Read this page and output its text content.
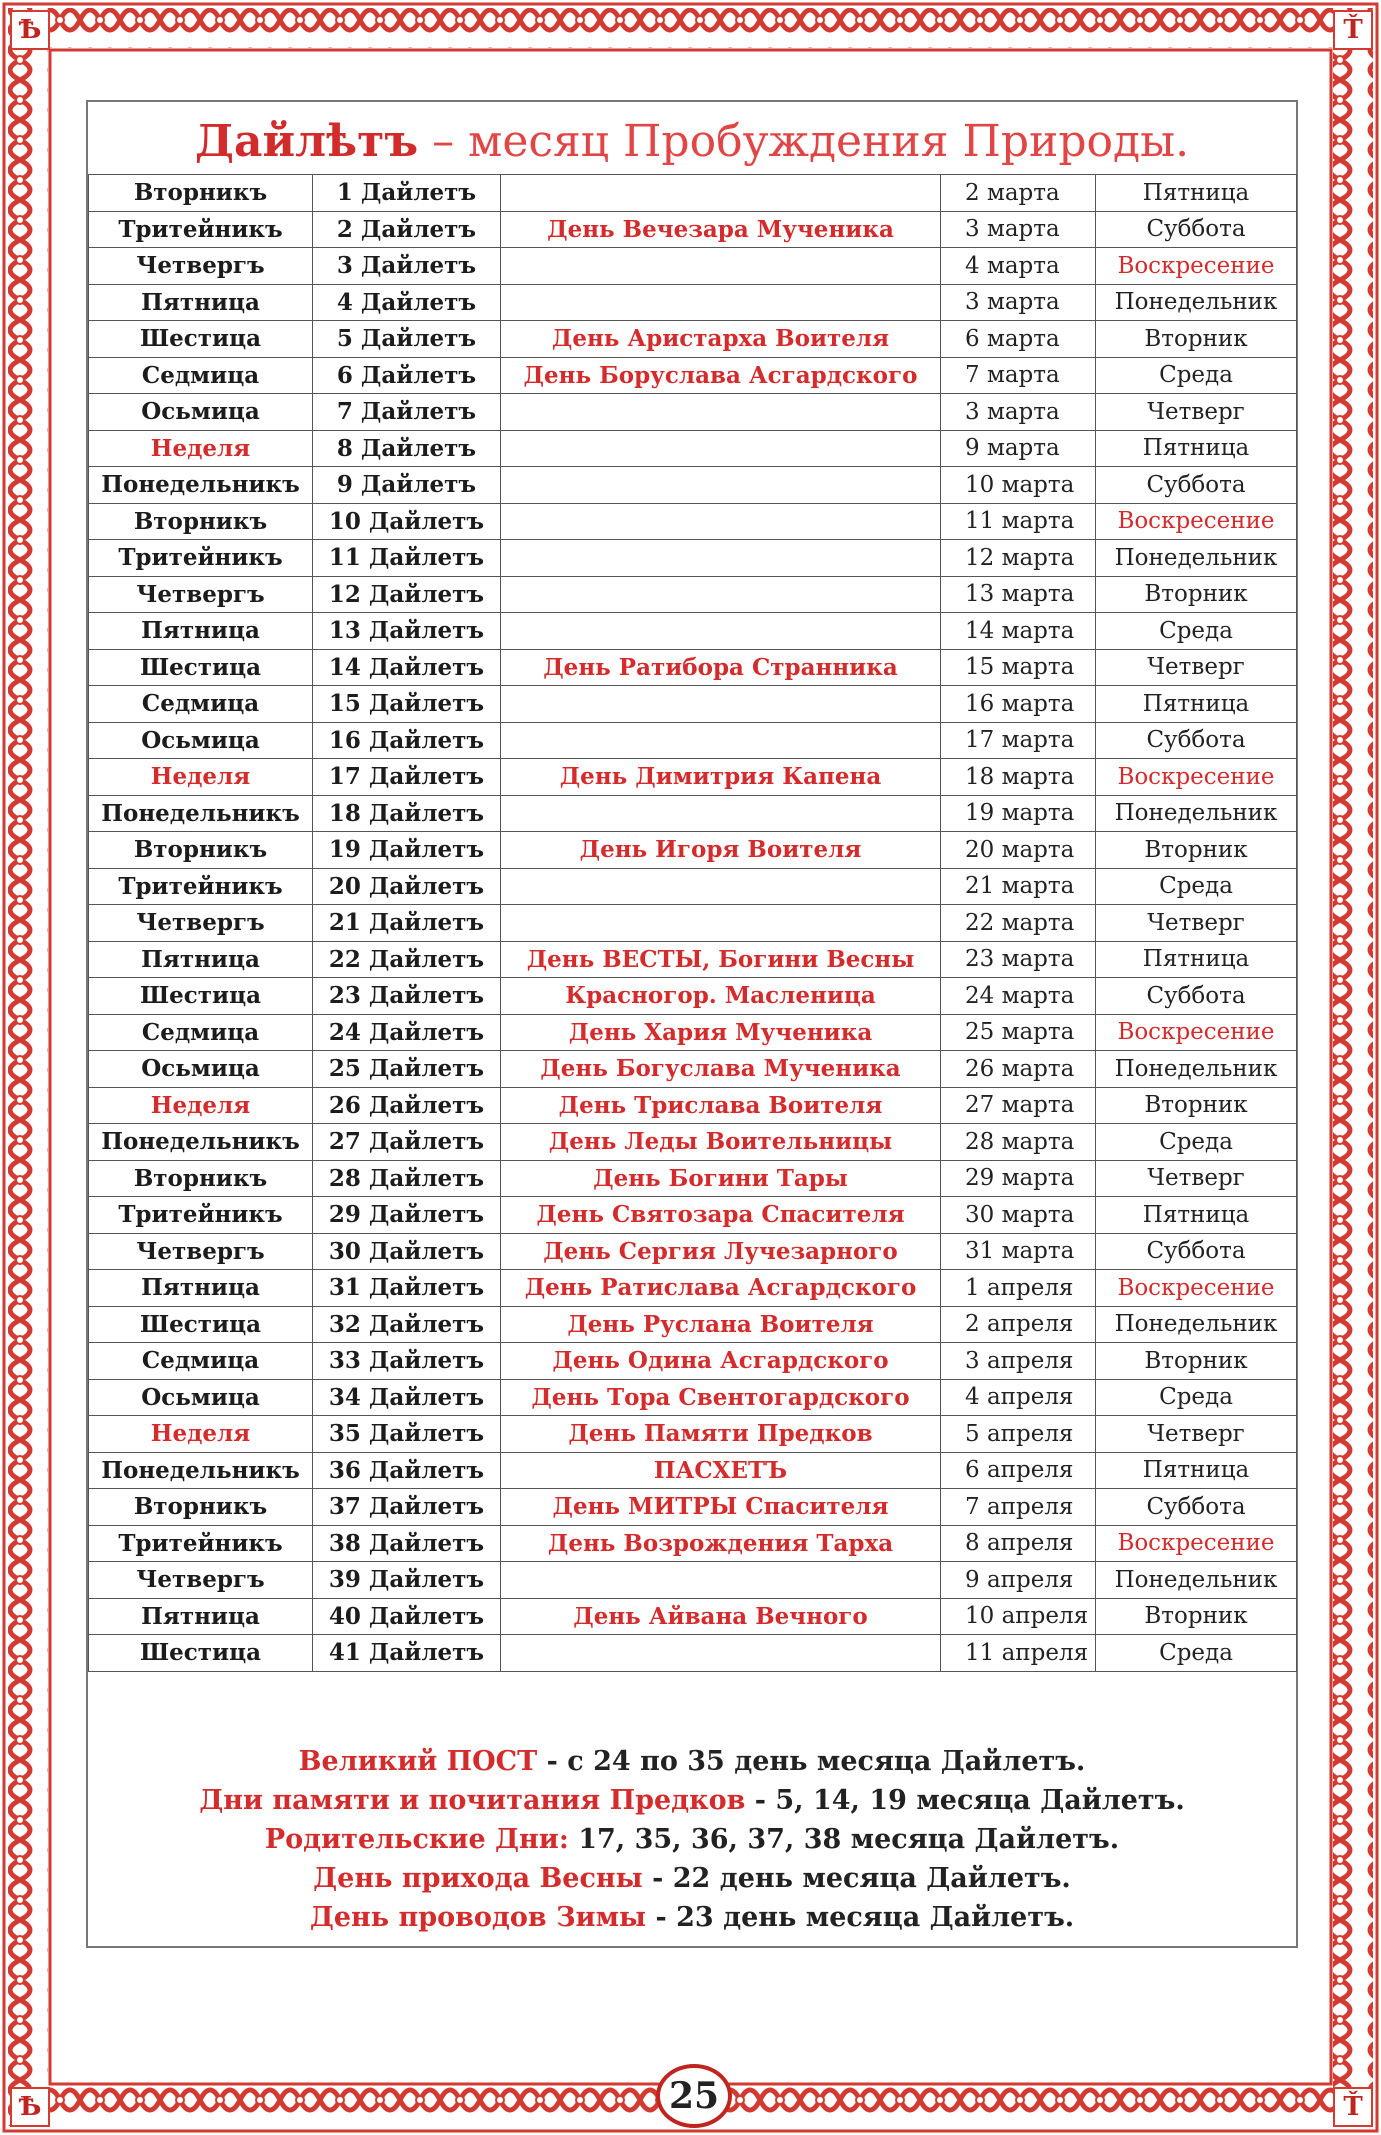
Ѣ	Ť
Ѣ	Ť
25
Дайлѣтъ – месяц Пробуждения Природы.
Вторникъ	1 Дайлетъ		2 марта	Пятница
Тритейникъ	2 Дайлетъ	День Вечезара Мученика	3 марта	Суббота
Четвергъ	3 Дайлетъ		4 марта	Воскресение
Пятница	4 Дайлетъ		3 марта	Понедельник
Шестица	5 Дайлетъ	День Аристарха Воителя	6 марта	Вторник
Седмица	6 Дайлетъ	День Боруслава Асгардского	7 марта	Среда
Осьмица	7 Дайлетъ		3 марта	Четверг
Неделя	8 Дайлетъ		9 марта	Пятница
Понедельникъ	9 Дайлетъ		10 марта	Суббота
Вторникъ	10 Дайлетъ		11 марта	Воскресение
Тритейникъ	11 Дайлетъ		12 марта	Понедельник
Четвергъ	12 Дайлетъ		13 марта	Вторник
Пятница	13 Дайлетъ		14 марта	Среда
Шестица	14 Дайлетъ	День Ратибора Странника	15 марта	Четверг
Седмица	15 Дайлетъ		16 марта	Пятница
Осьмица	16 Дайлетъ		17 марта	Суббота
Неделя	17 Дайлетъ	День Димитрия Капена	18 марта	Воскресение
Понедельникъ	18 Дайлетъ		19 марта	Понедельник
Вторникъ	19 Дайлетъ	День Игоря Воителя	20 марта	Вторник
Тритейникъ	20 Дайлетъ		21 марта	Среда
Четвергъ	21 Дайлетъ		22 марта	Четверг
Пятница	22 Дайлетъ	День ВЕСТЫ, Богини Весны	23 марта	Пятница
Шестица	23 Дайлетъ	Красногор. Масленица	24 марта	Суббота
Седмица	24 Дайлетъ	День Хария Мученика	25 марта	Воскресение
Осьмица	25 Дайлетъ	День Богуслава Мученика	26 марта	Понедельник
Неделя	26 Дайлетъ	День Трислава Воителя	27 марта	Вторник
Понедельникъ	27 Дайлетъ	День Леды Воительницы	28 марта	Среда
Вторникъ	28 Дайлетъ	День Богини Тары	29 марта	Четверг
Тритейникъ	29 Дайлетъ	День Святозара Спасителя	30 марта	Пятница
Четвергъ	30 Дайлетъ	День Сергия Лучезарного	31 марта	Суббота
Пятница	31 Дайлетъ	День Ратислава Асгардского	1 апреля	Воскресение
Шестица	32 Дайлетъ	День Руслана Воителя	2 апреля	Понедельник
Седмица	33 Дайлетъ	День Одина Асгардского	3 апреля	Вторник
Осьмица	34 Дайлетъ	День Тора Свентогардского	4 апреля	Среда
Неделя	35 Дайлетъ	День Памяти Предков	5 апреля	Четверг
Понедельникъ	36 Дайлетъ	ПАСХЕТЪ	6 апреля	Пятница
Вторникъ	37 Дайлетъ	День МИТРЫ Спасителя	7 апреля	Суббота
Тритейникъ	38 Дайлетъ	День Возрождения Тарха	8 апреля	Воскресение
Четвергъ	39 Дайлетъ		9 апреля	Понедельник
Пятница	40 Дайлетъ	День Айвана Вечного	10 апреля	Вторник
Шестица	41 Дайлетъ		11 апреля	Среда
Великий ПОСТ - с 24 по 35 день месяца Дайлетъ.
Дни памяти и почитания Предков - 5, 14, 19 месяца Дайлетъ.
Родительские Дни: 17, 35, 36, 37, 38 месяца Дайлетъ.
День прихода Весны - 22 день месяца Дайлетъ.
День проводов Зимы - 23 день месяца Дайлетъ.
